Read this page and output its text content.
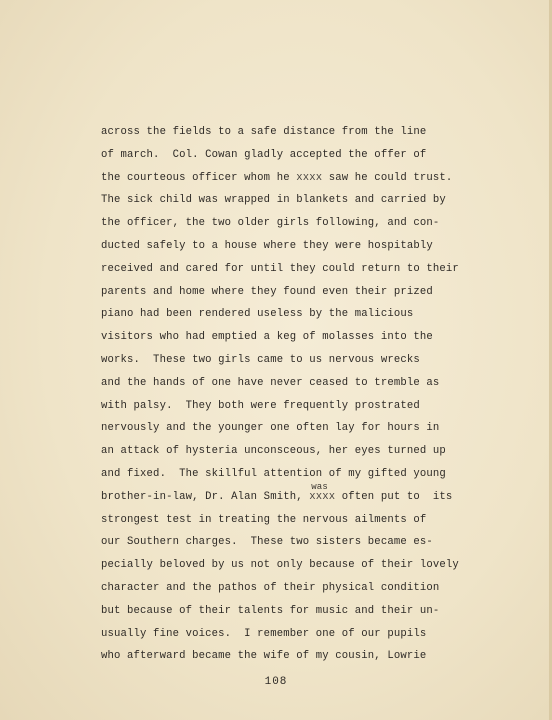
across the fields to a safe distance from the line
of march.  Col. Cowan gladly accepted the offer of
the courteous officer whom he xxxx saw he could trust.
The sick child was wrapped in blankets and carried by
the officer, the two older girls following, and con-
ducted safely to a house where they were hospitably
received and cared for until they could return to their
parents and home where they found even their prized
piano had been rendered useless by the malicious
visitors who had emptied a keg of molasses into the
works.  These two girls came to us nervous wrecks
and the hands of one have never ceased to tremble as
with palsy.  They both were frequently prostrated
nervously and the younger one often lay for hours in
an attack of hysteria unconsceous, her eyes turned up
and fixed.  The skillful attention of my gifted young
brother-in-law, Dr. Alan Smith, xxxx
was
often put to  its
strongest test in treating the nervous ailments of
our Southern charges.  These two sisters became es-
pecially beloved by us not only because of their lovely
character and the pathos of their physical condition
but because of their talents for music and their un-
usually fine voices.  I remember one of our pupils
who afterward became the wife of my cousin, Lowrie
108
